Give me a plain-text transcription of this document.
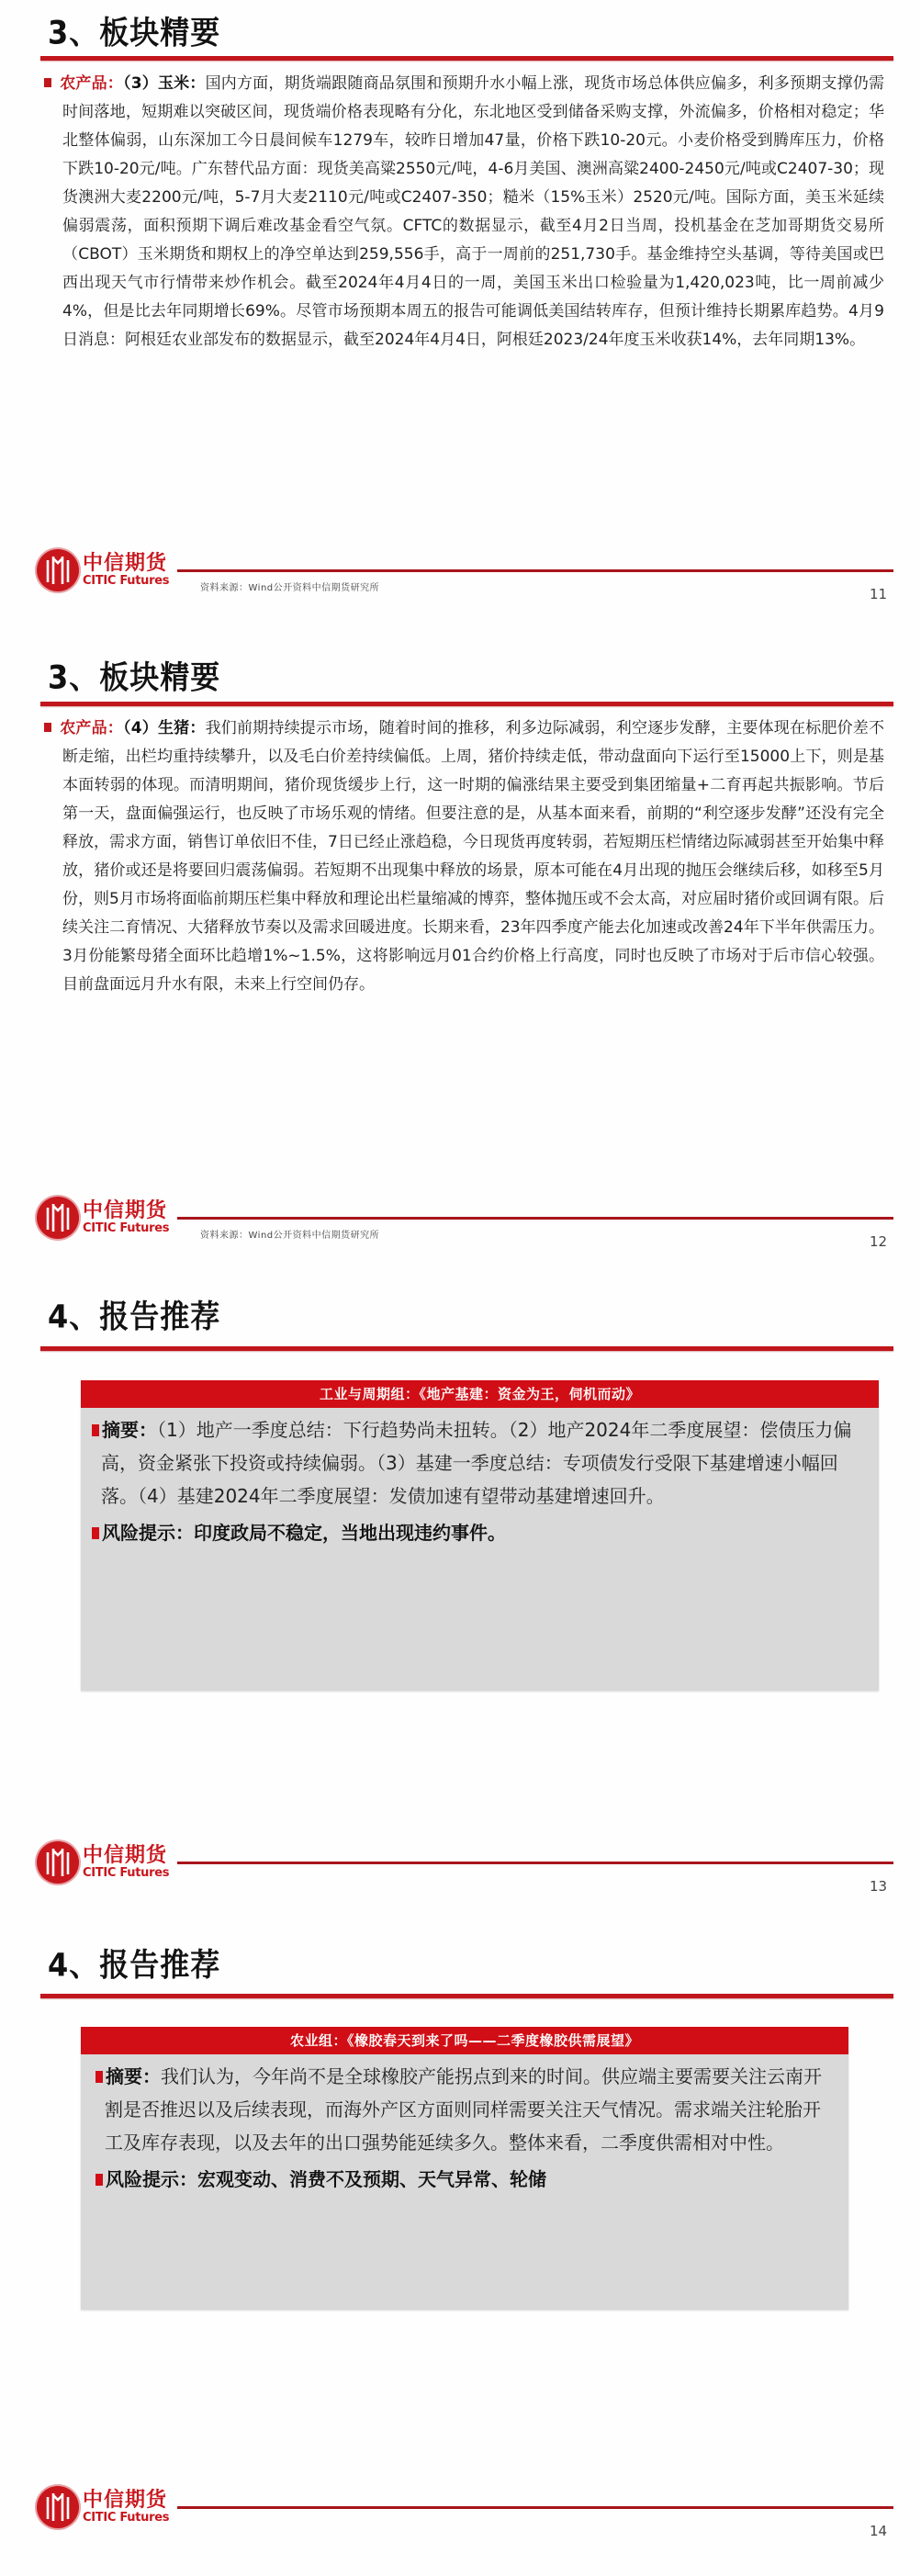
3、板块精要
农产品：（3）玉米：国内方面，期货端跟随商品氛围和预期升水小幅上涨，现货市场总体供应偏多，利多预期支撑仍需时间落地，短期难以突破区间，现货端价格表现略有分化，东北地区受到储备采购支撑，外流偏多，价格相对稳定；华北整体偏弱，山东深加工今日晨间候车1279车，较昨日增加47量，价格下跌10-20元。小麦价格受到腾库压力，价格下跌10-20元/吨。广东替代品方面：现货美高粱2550元/吨，4-6月美国、澳洲高粱2400-2450元/吨或C2407-30；现货澳洲大麦2200元/吨，5-7月大麦2110元/吨或C2407-350；糙米（15%玉米）2520元/吨。国际方面，美玉米延续偏弱震荡，面积预期下调后难改基金看空气氛。CFTC的数据显示，截至4月2日当周，投机基金在芝加哥期货交易所（CBOT）玉米期货和期权上的净空单达到259,556手，高于一周前的251,730手。基金维持空头基调，等待美国或巴西出现天气市行情带来炒作机会。截至2024年4月4日的一周，美国玉米出口检验量为1,420,023吨，比一周前减少4%，但是比去年同期增长69%。尽管市场预期本周五的报告可能调低美国结转库存，但预计维持长期累库趋势。4月9日消息：阿根廷农业部发布的数据显示，截至2024年4月4日，阿根廷2023/24年度玉米收获14%，去年同期13%。
中信期货
CITIC Futures
资料来源：Wind公开资料中信期货研究所	11
3、板块精要
农产品：（4）生猪：我们前期持续提示市场，随着时间的推移，利多边际减弱，利空逐步发酵，主要体现在标肥价差不断走缩，出栏均重持续攀升，以及毛白价差持续偏低。上周，猪价持续走低，带动盘面向下运行至15000上下，则是基本面转弱的体现。而清明期间，猪价现货缓步上行，这一时期的偏涨结果主要受到集团缩量+二育再起共振影响。节后第一天，盘面偏强运行，也反映了市场乐观的情绪。但要注意的是，从基本面来看，前期的“利空逐步发酵”还没有完全释放，需求方面，销售订单依旧不佳，7日已经止涨趋稳，今日现货再度转弱，若短期压栏情绪边际减弱甚至开始集中释放，猪价或还是将要回归震荡偏弱。若短期不出现集中释放的场景，原本可能在4月出现的抛压会继续后移，如移至5月份，则5月市场将面临前期压栏集中释放和理论出栏量缩减的博弈，整体抛压或不会太高，对应届时猪价或回调有限。后续关注二育情况、大猪释放节奏以及需求回暖进度。长期来看，23年四季度产能去化加速或改善24年下半年供需压力。3月份能繁母猪全面环比趋增1%~1.5%，这将影响远月01合约价格上行高度，同时也反映了市场对于后市信心较强。目前盘面远月升水有限，未来上行空间仍存。
中信期货
CITIC Futures
资料来源：Wind公开资料中信期货研究所	12
4、报告推荐
工业与周期组：《地产基建：资金为王，伺机而动》
摘要：（1）地产一季度总结：下行趋势尚未扭转。（2）地产2024年二季度展望：偿债压力偏高，资金紧张下投资或持续偏弱。（3）基建一季度总结：专项债发行受限下基建增速小幅回落。（4）基建2024年二季度展望：发债加速有望带动基建增速回升。
风险提示：印度政局不稳定，当地出现违约事件。
中信期货
CITIC Futures
13
4、报告推荐
农业组：《橡胶春天到来了吗——二季度橡胶供需展望》
摘要：我们认为，今年尚不是全球橡胶产能拐点到来的时间。供应端主要需要关注云南开割是否推迟以及后续表现，而海外产区方面则同样需要关注天气情况。需求端关注轮胎开工及库存表现，以及去年的出口强势能延续多久。整体来看，二季度供需相对中性。
风险提示：宏观变动、消费不及预期、天气异常、轮储
中信期货
CITIC Futures
14
